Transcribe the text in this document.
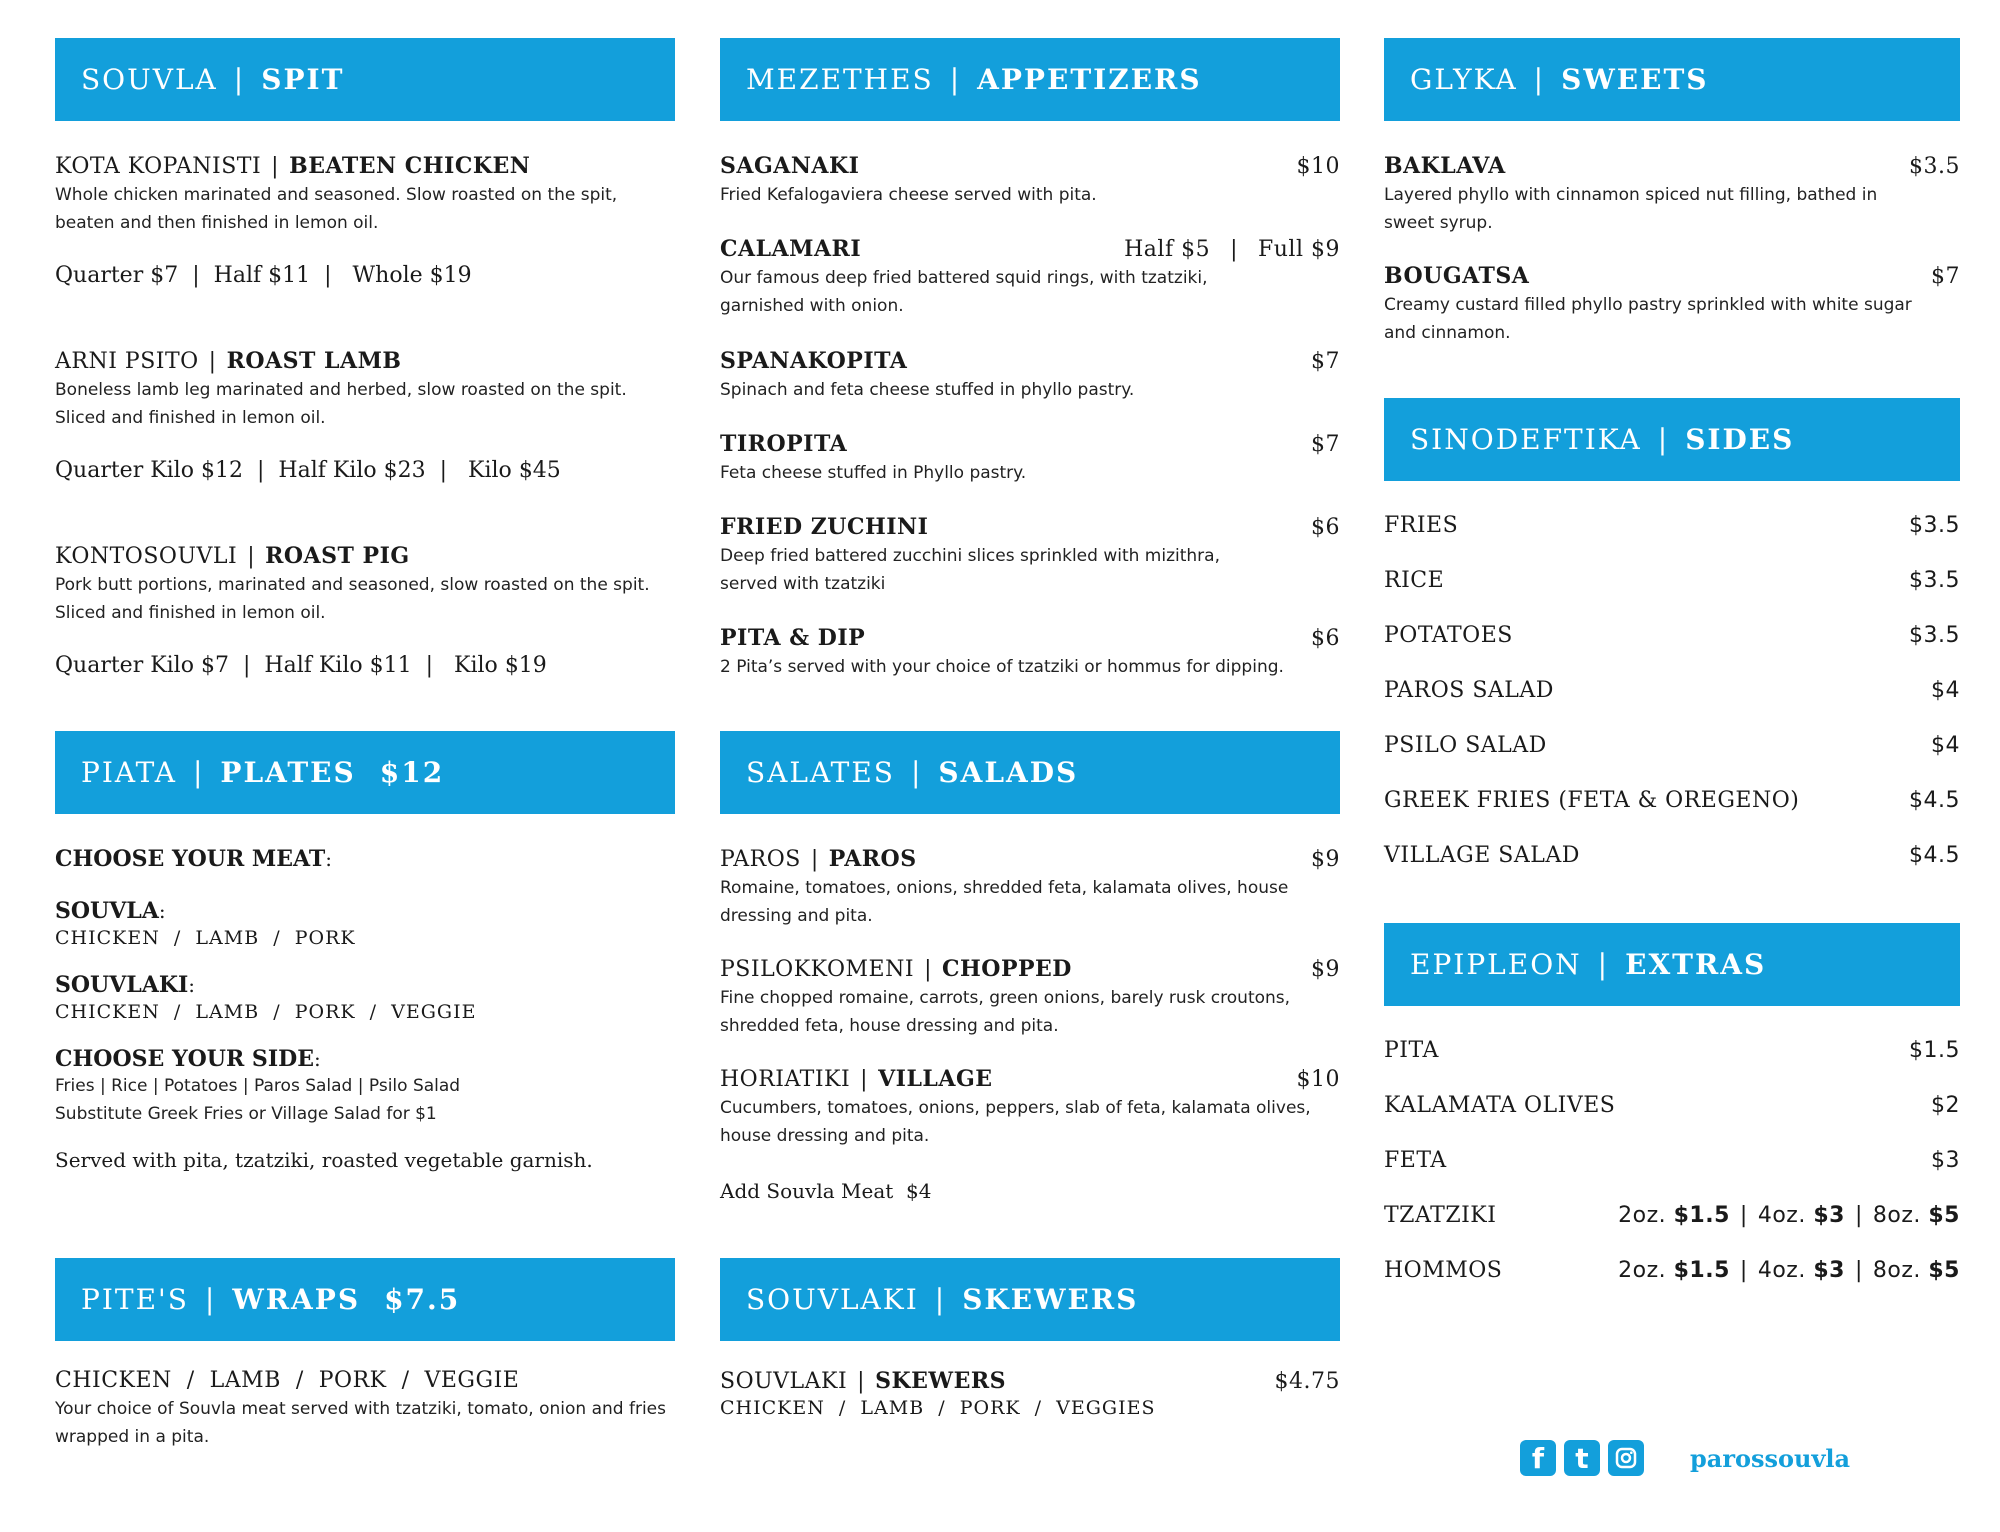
SOUVLA | SPIT
KOTA KOPANISTI | BEATEN CHICKEN
Whole chicken marinated and seasoned. Slow roasted on the spit, beaten and then finished in lemon oil.
Quarter $7 | Half $11 | Whole $19
ARNI PSITO | ROAST LAMB
Boneless lamb leg marinated and herbed, slow roasted on the spit. Sliced and finished in lemon oil.
Quarter Kilo $12 | Half Kilo $23 | Kilo $45
KONTOSOUVLI | ROAST PIG
Pork butt portions, marinated and seasoned, slow roasted on the spit. Sliced and finished in lemon oil.
Quarter Kilo $7 | Half Kilo $11 | Kilo $19
PIATA | PLATES $12
CHOOSE YOUR MEAT:
SOUVLA:
CHICKEN  /  LAMB  /  PORK
SOUVLAKI:
CHICKEN  /  LAMB  /  PORK  /  VEGGIE
CHOOSE YOUR SIDE:
Fries | Rice | Potatoes | Paros Salad | Psilo Salad
Substitute Greek Fries or Village Salad for $1
Served with pita, tzatziki, roasted vegetable garnish.
PITE'S | WRAPS $7.5
CHICKEN  /  LAMB  /  PORK  /  VEGGIE
Your choice of Souvla meat served with tzatziki, tomato, onion and fries wrapped in a pita.
MEZETHES | APPETIZERS
SAGANAKI	$10
Fried Kefalogaviera cheese served with pita.
CALAMARI	Half $5 | Full $9
Our famous deep fried battered squid rings, with tzatziki, garnished with onion.
SPANAKOPITA	$7
Spinach and feta cheese stuffed in phyllo pastry.
TIROPITA	$7
Feta cheese stuffed in Phyllo pastry.
FRIED ZUCHINI	$6
Deep fried battered zucchini slices sprinkled with mizithra, served with tzatziki
PITA & DIP	$6
2 Pita’s served with your choice of tzatziki or hommus for dipping.
SALATES | SALADS
PAROS | PAROS	$9
Romaine, tomatoes, onions, shredded feta, kalamata olives, house dressing and pita.
PSILOKKOMENI | CHOPPED	$9
Fine chopped romaine, carrots, green onions, barely rusk croutons, shredded feta, house dressing and pita.
HORIATIKI | VILLAGE	$10
Cucumbers, tomatoes, onions, peppers, slab of feta, kalamata olives, house dressing and pita.
Add Souvla Meat  $4
SOUVLAKI | SKEWERS
SOUVLAKI | SKEWERS	$4.75
CHICKEN  /  LAMB  /  PORK  /  VEGGIES
GLYKA | SWEETS
BAKLAVA	$3.5
Layered phyllo with cinnamon spiced nut filling, bathed in sweet syrup.
BOUGATSA	$7
Creamy custard filled phyllo pastry sprinkled with white sugar and cinnamon.
SINODEFTIKA | SIDES
FRIES	$3.5
RICE	$3.5
POTATOES	$3.5
PAROS SALAD	$4
PSILO SALAD	$4
GREEK FRIES (FETA & OREGENO)	$4.5
VILLAGE SALAD	$4.5
EPIPLEON | EXTRAS
PITA	$1.5
KALAMATA OLIVES	$2
FETA	$3
TZATZIKI	2oz. $1.5 | 4oz. $3 | 8oz. $5
HOMMOS	2oz. $1.5 | 4oz. $3 | 8oz. $5
f	t	parossouvla
